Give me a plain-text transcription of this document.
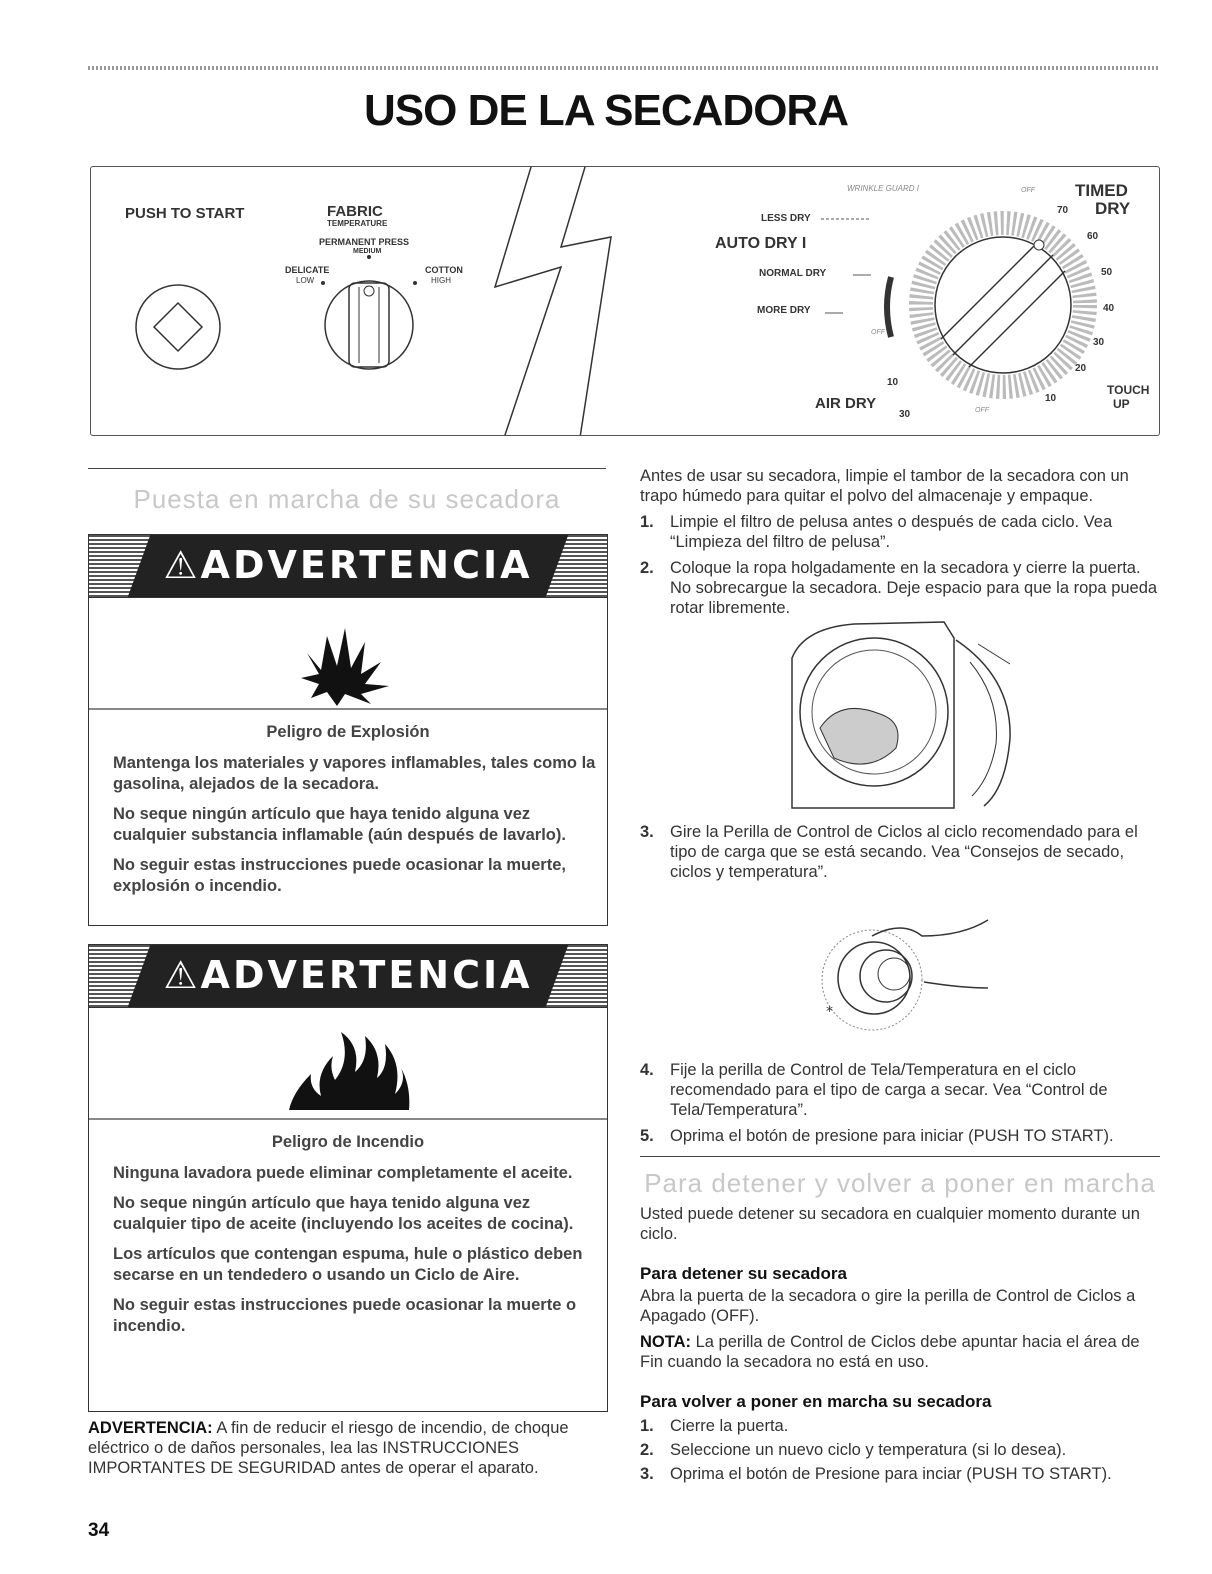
USO DE LA SECADORA
PUSH TO START	FABRIC
TEMPERATURE
PERMANENT PRESS
MEDIUM
DELICATE
LOW
COTTON
HIGH
WRINKLE GUARD I	OFF TIMED
DRY
LESS DRY
AUTO DRY I
NORMAL DRY
MORE DRY
OFF
AIR DRY	OFF
70
60
50
40
30
20
10
10
30
TOUCH
UP
Puesta en marcha de su secadora
⚠ADVERTENCIA
Peligro de Explosión

Mantenga los materiales y vapores inflamables, tales como la gasolina, alejados de la secadora.

No seque ningún artículo que haya tenido alguna vez cualquier substancia inflamable (aún después de lavarlo).

No seguir estas instrucciones puede ocasionar la muerte, explosión o incendio.

⚠ADVERTENCIA
Peligro de Incendio

Ninguna lavadora puede eliminar completamente el aceite.

No seque ningún artículo que haya tenido alguna vez cualquier tipo de aceite (incluyendo los aceites de cocina).

Los artículos que contengan espuma, hule o plástico deben secarse en un tendedero o usando un Ciclo de Aire.

No seguir estas instrucciones puede ocasionar la muerte o incendio.

ADVERTENCIA: A fin de reducir el riesgo de incendio, de choque eléctrico o de daños personales, lea las INSTRUCCIONES IMPORTANTES DE SEGURIDAD antes de operar el aparato.
34
Antes de usar su secadora, limpie el tambor de la secadora con un trapo húmedo para quitar el polvo del almacenaje y empaque.
1. Limpie el filtro de pelusa antes o después de cada ciclo. Vea “Limpieza del filtro de pelusa”.
2. Coloque la ropa holgadamente en la secadora y cierre la puerta. No sobrecargue la secadora. Deje espacio para que la ropa pueda rotar libremente.
3. Gire la Perilla de Control de Ciclos al ciclo recomendado para el tipo de carga que se está secando. Vea “Consejos de secado, ciclos y temperatura”.
*
4. Fije la perilla de Control de Tela/Temperatura en el ciclo recomendado para el tipo de carga a secar. Vea “Control de Tela/Temperatura”.
5. Oprima el botón de presione para iniciar (PUSH TO START).
Para detener y volver a poner en marcha
Usted puede detener su secadora en cualquier momento durante un ciclo.
Para detener su secadora
Abra la puerta de la secadora o gire la perilla de Control de Ciclos a Apagado (OFF).
NOTA: La perilla de Control de Ciclos debe apuntar hacia el área de Fin cuando la secadora no está en uso.
Para volver a poner en marcha su secadora
1. Cierre la puerta.
2. Seleccione un nuevo ciclo y temperatura (si lo desea).
3. Oprima el botón de Presione para inciar (PUSH TO START).
